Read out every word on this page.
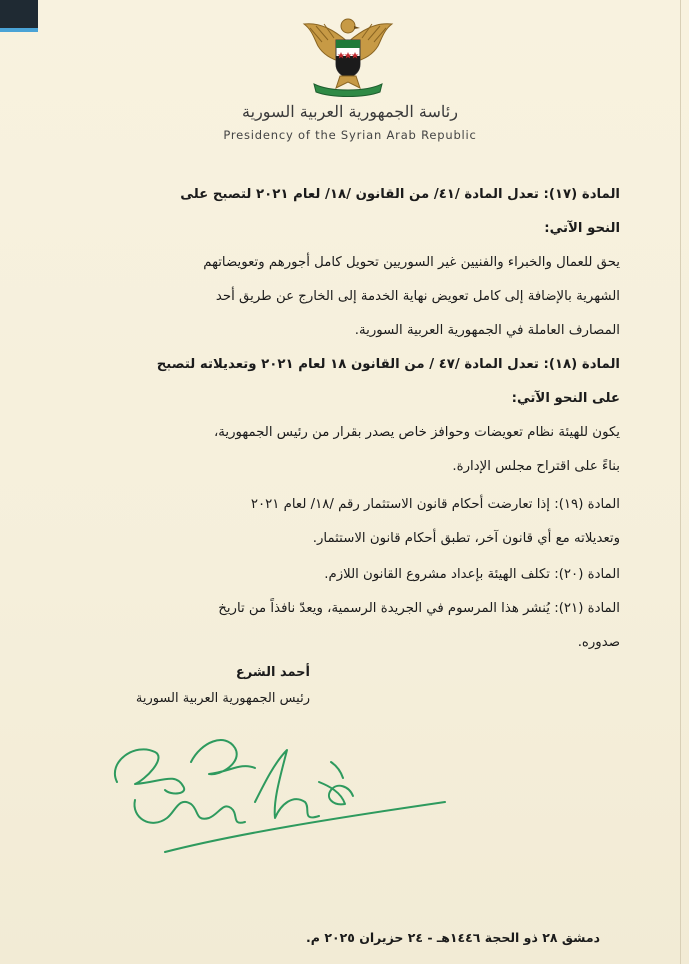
رئاسة الجمهورية العربية السورية
Presidency of the Syrian Arab Republic
المادة (١٧): تعدل المادة /٤١/ من القانون /١٨/ لعام ٢٠٢١ لتصبح على
النحو الآتي:
يحق للعمال والخبراء والفنيين غير السوريين تحويل كامل أجورهم وتعويضاتهم
الشهرية بالإضافة إلى كامل تعويض نهاية الخدمة إلى الخارج عن طريق أحد
المصارف العاملة في الجمهورية العربية السورية.
المادة (١٨): تعدل المادة /٤٧ / من القانون ١٨ لعام ٢٠٢١ وتعديلاته لتصبح
على النحو الآتي:
يكون للهيئة نظام تعويضات وحوافز خاص يصدر بقرار من رئيس الجمهورية،
بناءً على اقتراح مجلس الإدارة.
المادة (١٩): إذا تعارضت أحكام قانون الاستثمار رقم /١٨/ لعام ٢٠٢١
وتعديلاته مع أي قانون آخر، تطبق أحكام قانون الاستثمار.
المادة (٢٠): تكلف الهيئة بإعداد مشروع القانون اللازم.
المادة (٢١): يُنشر هذا المرسوم في الجريدة الرسمية، ويعدّ نافذاً من تاريخ
صدوره.
أحمد الشرع
رئيس الجمهورية العربية السورية
دمشق ٢٨ ذو الحجة ١٤٤٦هـ - ٢٤ حزيران ٢٠٢٥ م.
